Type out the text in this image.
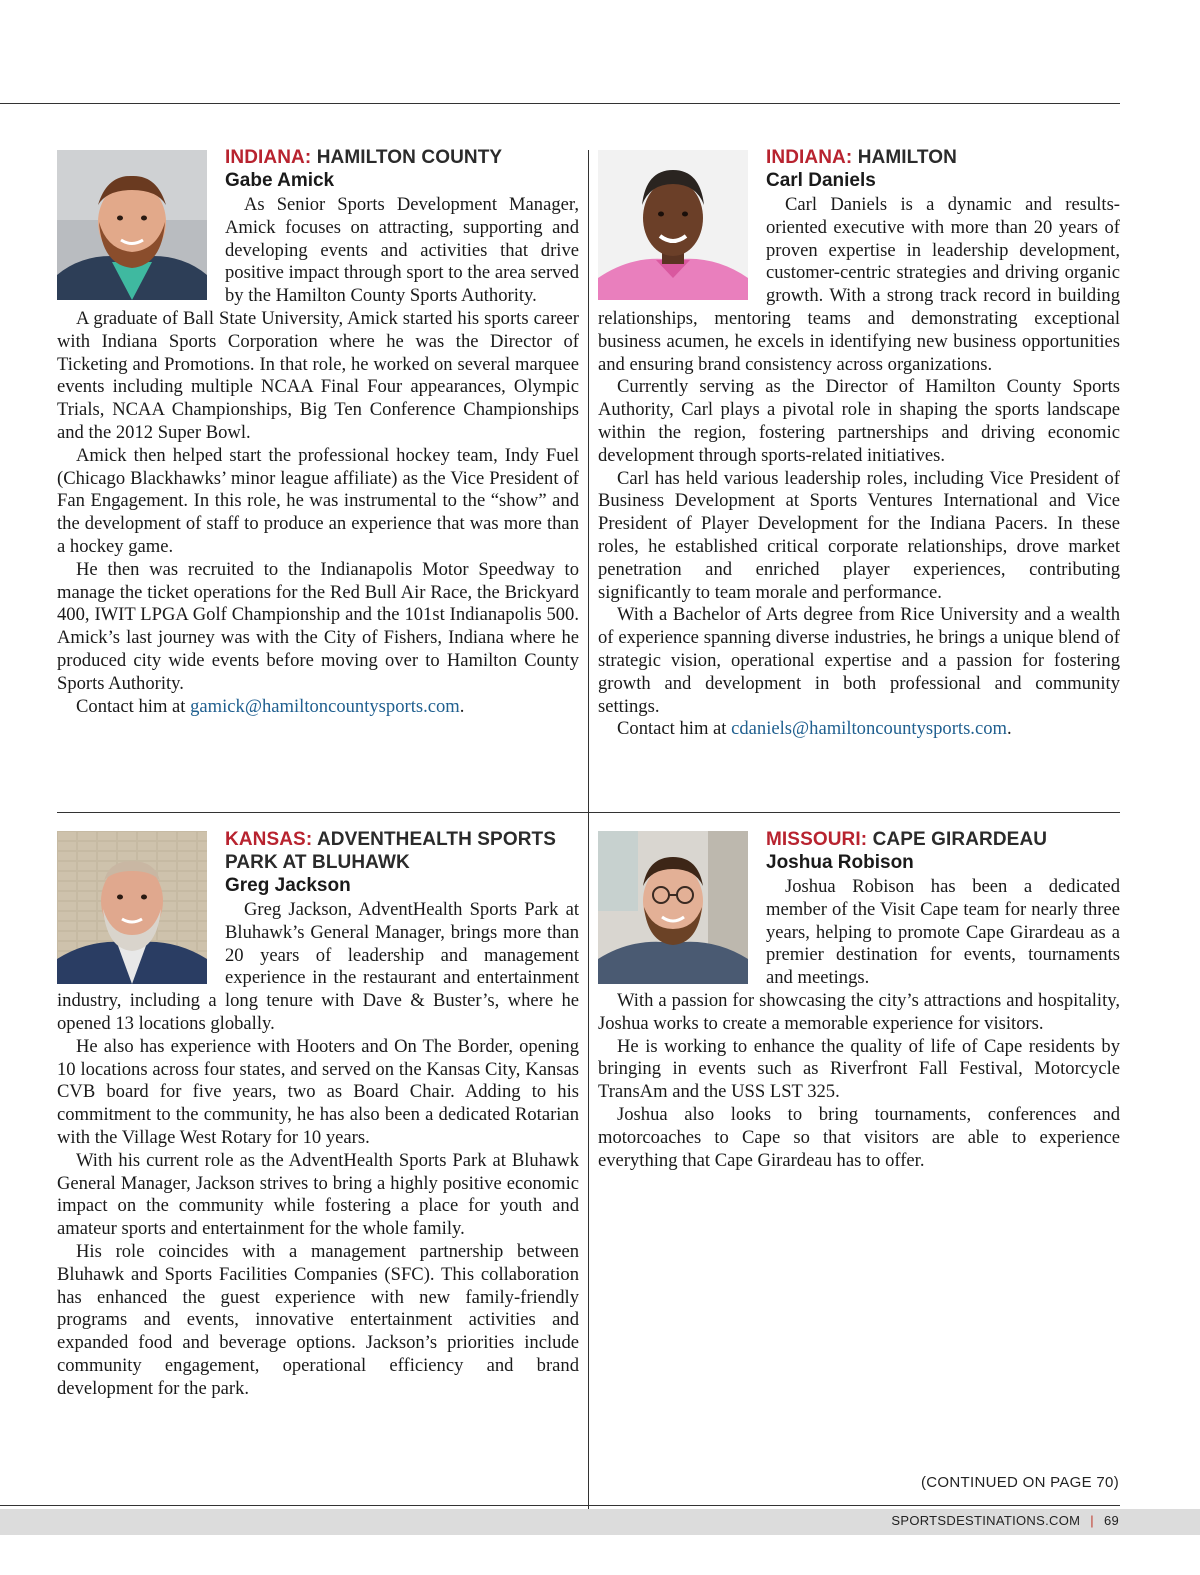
INDIANA: HAMILTON COUNTY
Gabe Amick

As Senior Sports Development Manager, Amick focuses on attracting, supporting and developing events and activities that drive positive impact through sport to the area served by the Hamilton County Sports Authority.

A graduate of Ball State University, Amick started his sports career with Indiana Sports Corporation where he was the Director of Ticketing and Promotions. In that role, he worked on several marquee events including multiple NCAA Final Four appearances, Olympic Trials, NCAA Championships, Big Ten Conference Championships and the 2012 Super Bowl.

Amick then helped start the professional hockey team, Indy Fuel (Chicago Blackhawks’ minor league affiliate) as the Vice President of Fan Engagement. In this role, he was instrumental to the “show” and the development of staff to produce an experience that was more than a hockey game.

He then was recruited to the Indianapolis Motor Speedway to manage the ticket operations for the Red Bull Air Race, the Brickyard 400, IWIT LPGA Golf Championship and the 101st Indianapolis 500. Amick’s last journey was with the City of Fishers, Indiana where he produced city wide events before moving over to Hamilton County Sports Authority.

Contact him at gamick@hamiltoncountysports.com.

INDIANA: HAMILTON
Carl Daniels

Carl Daniels is a dynamic and results-oriented executive with more than 20 years of proven expertise in leadership development, customer-centric strategies and driving organic growth. With a strong track record in building relationships, mentoring teams and demonstrating exceptional business acumen, he excels in identifying new business opportunities and ensuring brand consistency across organizations.

Currently serving as the Director of Hamilton County Sports Authority, Carl plays a pivotal role in shaping the sports landscape within the region, fostering partnerships and driving economic development through sports-related initiatives.

Carl has held various leadership roles, including Vice President of Business Development at Sports Ventures International and Vice President of Player Development for the Indiana Pacers. In these roles, he established critical corporate relationships, drove market penetration and enriched player experiences, contributing significantly to team morale and performance.

With a Bachelor of Arts degree from Rice University and a wealth of experience spanning diverse industries, he brings a unique blend of strategic vision, operational expertise and a passion for fostering growth and development in both professional and community settings.

Contact him at cdaniels@hamiltoncountysports.com.

KANSAS: ADVENTHEALTH SPORTS PARK AT BLUHAWK
Greg Jackson

Greg Jackson, AdventHealth Sports Park at Bluhawk’s General Manager, brings more than 20 years of leadership and management experience in the restaurant and entertainment industry, including a long tenure with Dave & Buster’s, where he opened 13 locations globally.

He also has experience with Hooters and On The Border, opening 10 locations across four states, and served on the Kansas City, Kansas CVB board for five years, two as Board Chair. Adding to his commitment to the community, he has also been a dedicated Rotarian with the Village West Rotary for 10 years.

With his current role as the AdventHealth Sports Park at Bluhawk General Manager, Jackson strives to bring a highly positive economic impact on the community while fostering a place for youth and amateur sports and entertainment for the whole family.

His role coincides with a management partnership between Bluhawk and Sports Facilities Companies (SFC). This collaboration has enhanced the guest experience with new family-friendly programs and events, innovative entertainment activities and expanded food and beverage options. Jackson’s priorities include community engagement, operational efficiency and brand development for the park.

MISSOURI: CAPE GIRARDEAU
Joshua Robison

Joshua Robison has been a dedicated member of the Visit Cape team for nearly three years, helping to promote Cape Girardeau as a premier destination for events, tournaments and meetings.

With a passion for showcasing the city’s attractions and hospitality, Joshua works to create a memorable experience for visitors.

He is working to enhance the quality of life of Cape residents by bringing in events such as Riverfront Fall Festival, Motorcycle TransAm and the USS LST 325.

Joshua also looks to bring tournaments, conferences and motorcoaches to Cape so that visitors are able to experience everything that Cape Girardeau has to offer.

(CONTINUED ON PAGE 70)
SPORTSDESTINATIONS.COM | 69
